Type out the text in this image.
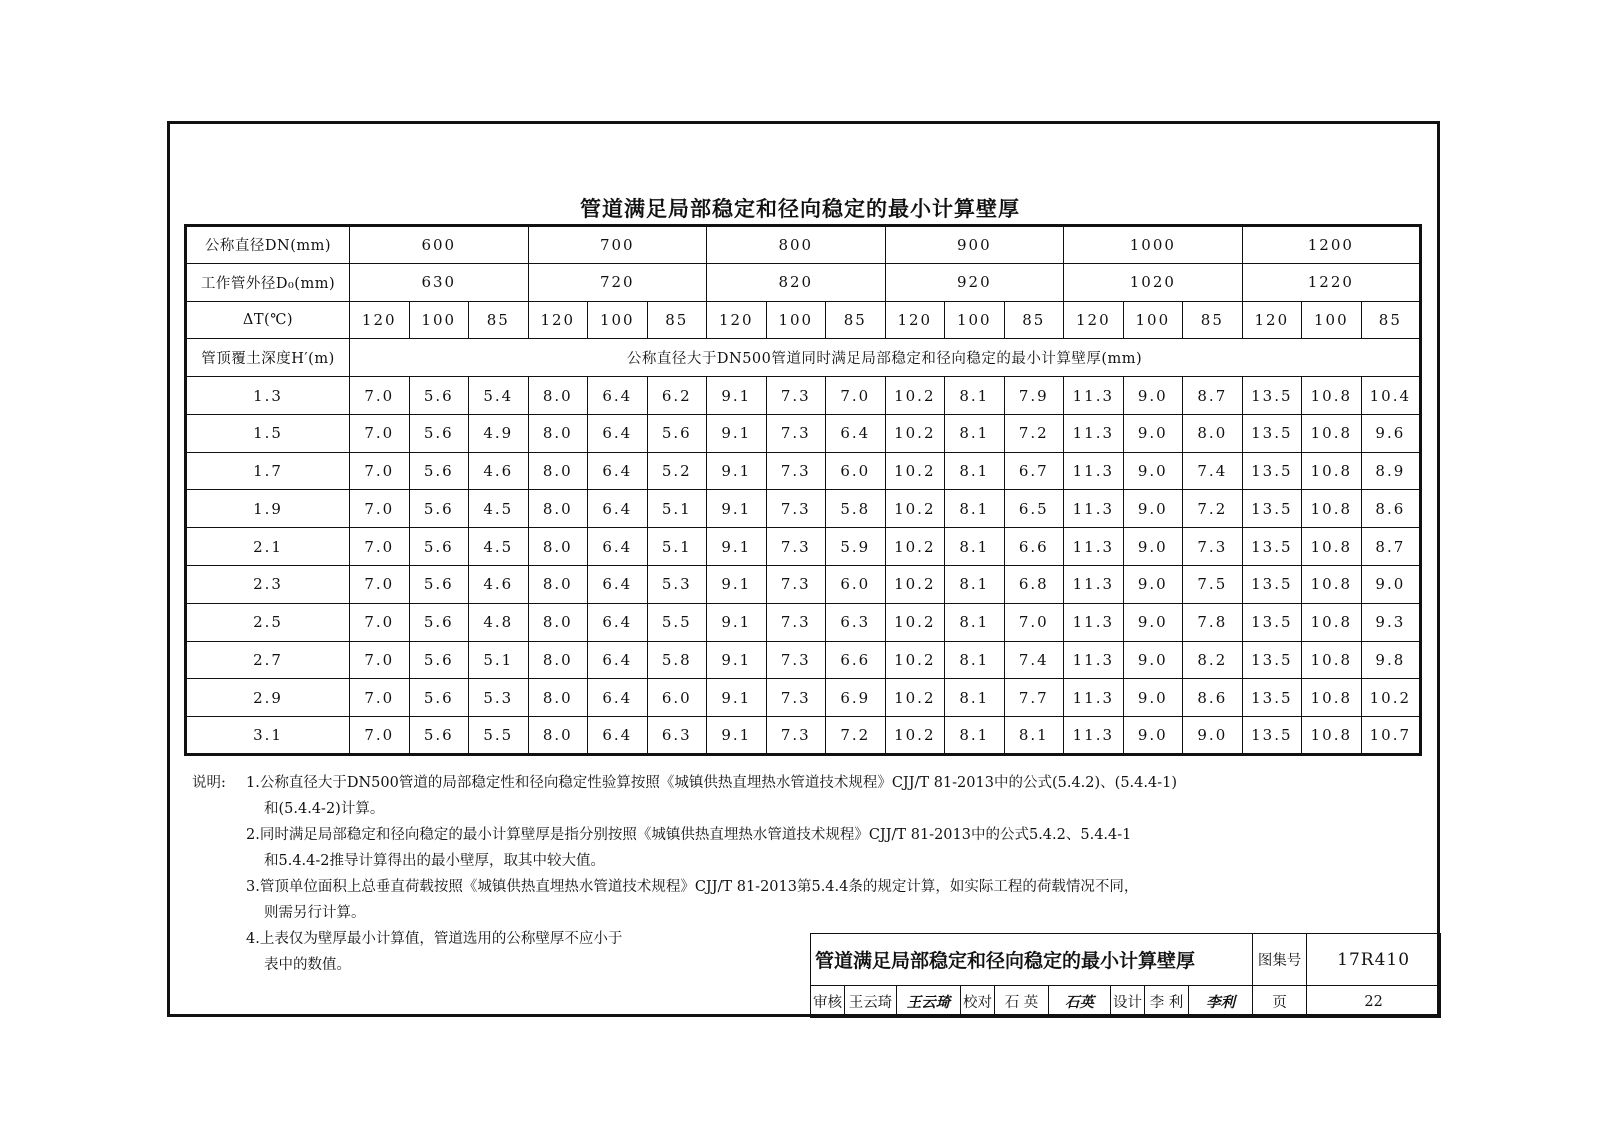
管道满足局部稳定和径向稳定的最小计算壁厚
公称直径DN(mm)	600			700			800			900			1000			1200		
工作管外径D₀(mm)	630			720			820			920			1020			1220		
ΔT(℃)	120	100	85	120	100	85	120	100	85	120	100	85	120	100	85	120	100	85
管顶覆土深度H′(m)	公称直径大于DN500管道同时满足局部稳定和径向稳定的最小计算壁厚(mm)																	
1.3	7.0	5.6	5.4	8.0	6.4	6.2	9.1	7.3	7.0	10.2	8.1	7.9	11.3	9.0	8.7	13.5	10.8	10.4
1.5	7.0	5.6	4.9	8.0	6.4	5.6	9.1	7.3	6.4	10.2	8.1	7.2	11.3	9.0	8.0	13.5	10.8	9.6
1.7	7.0	5.6	4.6	8.0	6.4	5.2	9.1	7.3	6.0	10.2	8.1	6.7	11.3	9.0	7.4	13.5	10.8	8.9
1.9	7.0	5.6	4.5	8.0	6.4	5.1	9.1	7.3	5.8	10.2	8.1	6.5	11.3	9.0	7.2	13.5	10.8	8.6
2.1	7.0	5.6	4.5	8.0	6.4	5.1	9.1	7.3	5.9	10.2	8.1	6.6	11.3	9.0	7.3	13.5	10.8	8.7
2.3	7.0	5.6	4.6	8.0	6.4	5.3	9.1	7.3	6.0	10.2	8.1	6.8	11.3	9.0	7.5	13.5	10.8	9.0
2.5	7.0	5.6	4.8	8.0	6.4	5.5	9.1	7.3	6.3	10.2	8.1	7.0	11.3	9.0	7.8	13.5	10.8	9.3
2.7	7.0	5.6	5.1	8.0	6.4	5.8	9.1	7.3	6.6	10.2	8.1	7.4	11.3	9.0	8.2	13.5	10.8	9.8
2.9	7.0	5.6	5.3	8.0	6.4	6.0	9.1	7.3	6.9	10.2	8.1	7.7	11.3	9.0	8.6	13.5	10.8	10.2
3.1	7.0	5.6	5.5	8.0	6.4	6.3	9.1	7.3	7.2	10.2	8.1	8.1	11.3	9.0	9.0	13.5	10.8	10.7
说明: 1.公称直径大于DN500管道的局部稳定性和径向稳定性验算按照《城镇供热直埋热水管道技术规程》CJJ/T 81-2013中的公式(5.4.2)、(5.4.4-1)
和(5.4.4-2)计算。
2.同时满足局部稳定和径向稳定的最小计算壁厚是指分别按照《城镇供热直埋热水管道技术规程》CJJ/T 81-2013中的公式5.4.2、5.4.4-1
和5.4.4-2推导计算得出的最小壁厚，取其中较大值。
3.管顶单位面积上总垂直荷载按照《城镇供热直埋热水管道技术规程》CJJ/T 81-2013第5.4.4条的规定计算，如实际工程的荷载情况不同，
则需另行计算。
4.上表仅为壁厚最小计算值，管道选用的公称壁厚不应小于
表中的数值。	管道满足局部稳定和径向稳定的最小计算壁厚									图集号	17R410
审核	王云琦	王云琦	校对	石 英	石英	设计	李 利	李利	页	22
